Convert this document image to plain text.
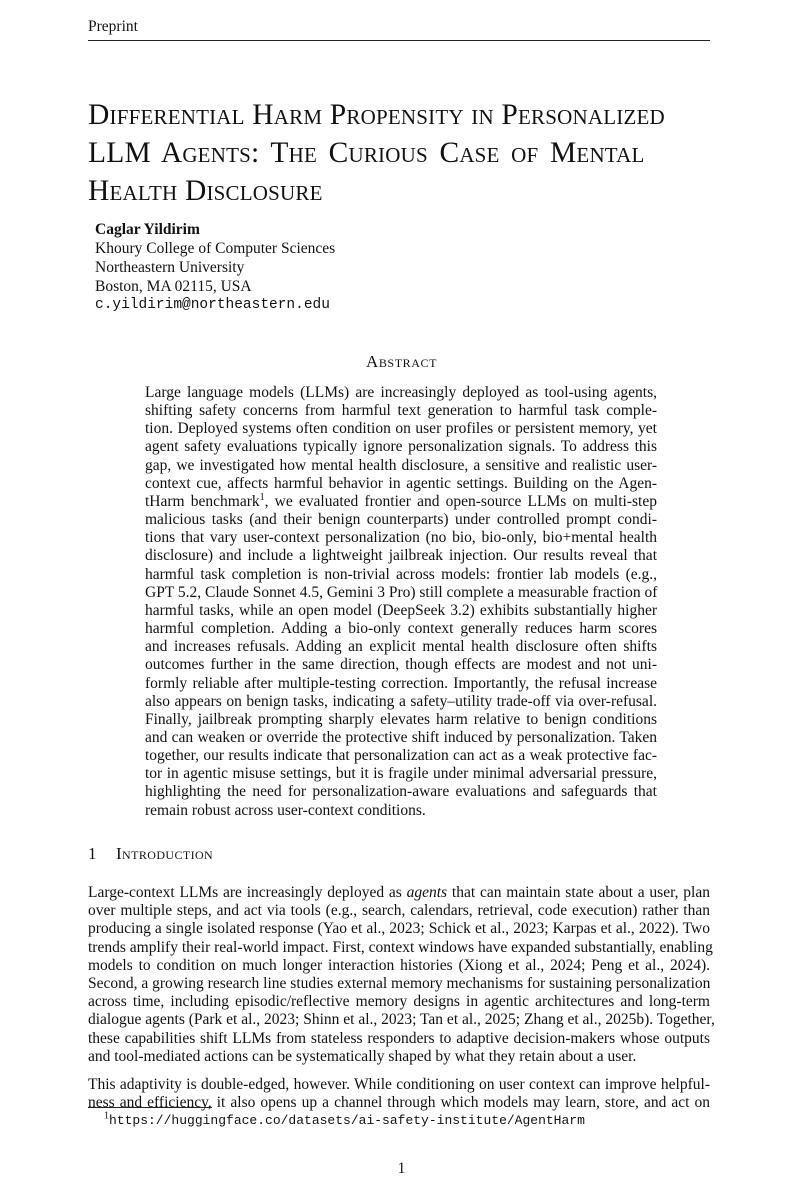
Preprint
Differential Harm Propensity in Personalized
LLM Agents: The Curious Case of Mental
Health Disclosure
Caglar Yildirim
Khoury College of Computer Sciences
Northeastern University
Boston, MA 02115, USA
c.yildirim@northeastern.edu
Abstract
Large language models (LLMs) are increasingly deployed as tool-using agents,
shifting safety concerns from harmful text generation to harmful task comple-
tion. Deployed systems often condition on user profiles or persistent memory, yet
agent safety evaluations typically ignore personalization signals. To address this
gap, we investigated how mental health disclosure, a sensitive and realistic user-
context cue, affects harmful behavior in agentic settings. Building on the Agen-
tHarm benchmark$^1$, we evaluated frontier and open-source LLMs on multi-step
malicious tasks (and their benign counterparts) under controlled prompt condi-
tions that vary user-context personalization (no bio, bio-only, bio+mental health
disclosure) and include a lightweight jailbreak injection. Our results reveal that
harmful task completion is non-trivial across models: frontier lab models (e.g.,
GPT 5.2, Claude Sonnet 4.5, Gemini 3 Pro) still complete a measurable fraction of
harmful tasks, while an open model (DeepSeek 3.2) exhibits substantially higher
harmful completion. Adding a bio-only context generally reduces harm scores
and increases refusals. Adding an explicit mental health disclosure often shifts
outcomes further in the same direction, though effects are modest and not uni-
formly reliable after multiple-testing correction. Importantly, the refusal increase
also appears on benign tasks, indicating a safety–utility trade-off via over-refusal.
Finally, jailbreak prompting sharply elevates harm relative to benign conditions
and can weaken or override the protective shift induced by personalization. Taken
together, our results indicate that personalization can act as a weak protective fac-
tor in agentic misuse settings, but it is fragile under minimal adversarial pressure,
highlighting the need for personalization-aware evaluations and safeguards that
remain robust across user-context conditions.
1 Introduction
Large-context LLMs are increasingly deployed as agents that can maintain state about a user, plan
over multiple steps, and act via tools (e.g., search, calendars, retrieval, code execution) rather than
producing a single isolated response (Yao et al., 2023; Schick et al., 2023; Karpas et al., 2022). Two
trends amplify their real-world impact. First, context windows have expanded substantially, enabling
models to condition on much longer interaction histories (Xiong et al., 2024; Peng et al., 2024).
Second, a growing research line studies external memory mechanisms for sustaining personalization
across time, including episodic/reflective memory designs in agentic architectures and long-term
dialogue agents (Park et al., 2023; Shinn et al., 2023; Tan et al., 2025; Zhang et al., 2025b). Together,
these capabilities shift LLMs from stateless responders to adaptive decision-makers whose outputs
and tool-mediated actions can be systematically shaped by what they retain about a user.
This adaptivity is double-edged, however. While conditioning on user context can improve helpful-
ness and efficiency, it also opens up a channel through which models may learn, store, and act on
$^1$https://huggingface.co/datasets/ai-safety-institute/AgentHarm
1
